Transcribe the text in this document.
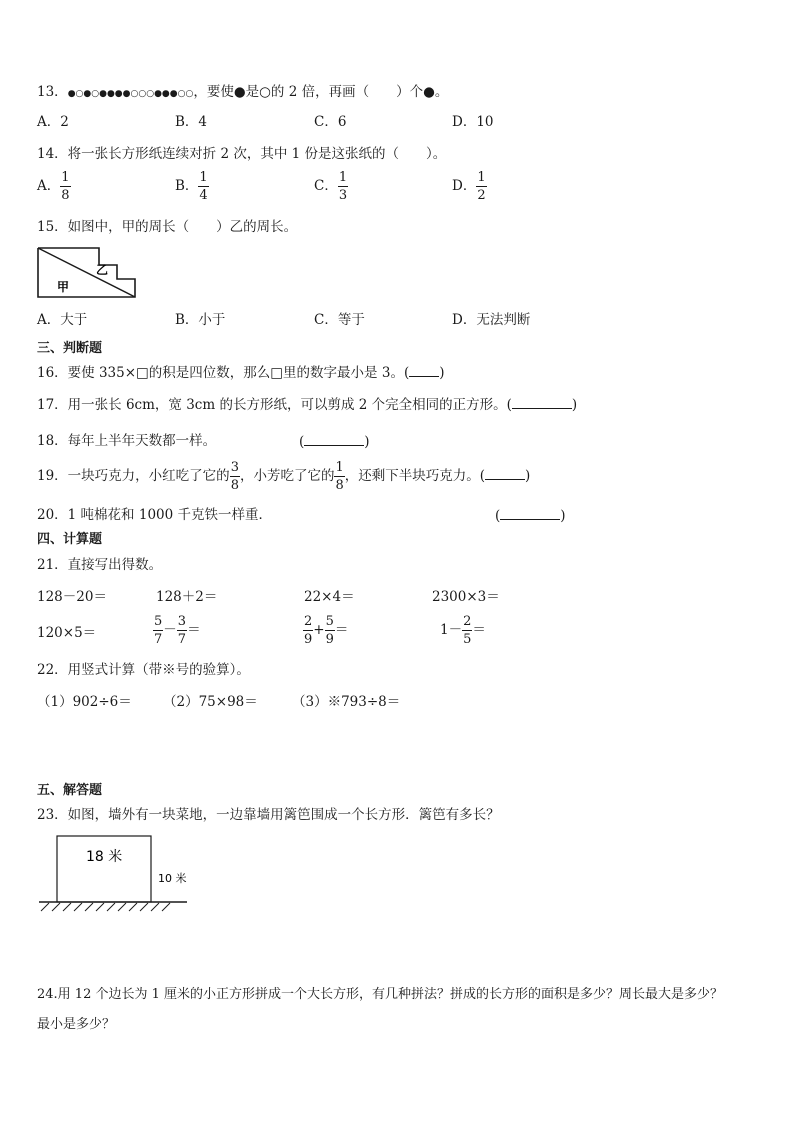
13．●○●○●●●●○○○●●●○○，要使●是○的 2 倍，再画（　　）个●。
A．2	B．4	C．6	D．10
14．将一张长方形纸连续对折 2 次，其中 1 份是这张纸的（　　）。
A． $\frac{1}{8}$	B． $\frac{1}{4}$	C． $\frac{1}{3}$	D． $\frac{1}{2}$
15．如图中，甲的周长（　　）乙的周长。
甲
乙
A．大于	B．小于	C．等于	D．无法判断
三、判断题
16．要使 335×□的积是四位数，那么□里的数字最小是 3。( )
17．用一张长 6cm，宽 3cm 的长方形纸，可以剪成 2 个完全相同的正方形。(	)
18．每年上半年天数都一样。	(	)
19．一块巧克力，小红吃了它的 $\frac{3}{8}$ ，小芳吃了它的 $\frac{1}{8}$ ，还剩下半块巧克力。(	)
20．1 吨棉花和 1000 千克铁一样重．	(	)
四、计算题
21．直接写出得数。
128－20＝	128＋2＝	22×4＝	2300×3＝
120×5＝	$\frac{5}{7} - \frac{3}{7}$ ＝	$\frac{2}{9} + \frac{5}{9}$ ＝	$1- \frac{2}{5}$ ＝
22．用竖式计算（带※号的验算）。
（1）902÷6＝ （2）75×98＝	（3）※793÷8＝
五、解答题
23．如图，墙外有一块菜地，一边靠墙用篱笆围成一个长方形．篱笆有多长？
18 米
10 米
24.用 12 个边长为 1 厘米的小正方形拼成一个大长方形，有几种拼法？拼成的长方形的面积是多少？周长最大是多少？
最小是多少？
